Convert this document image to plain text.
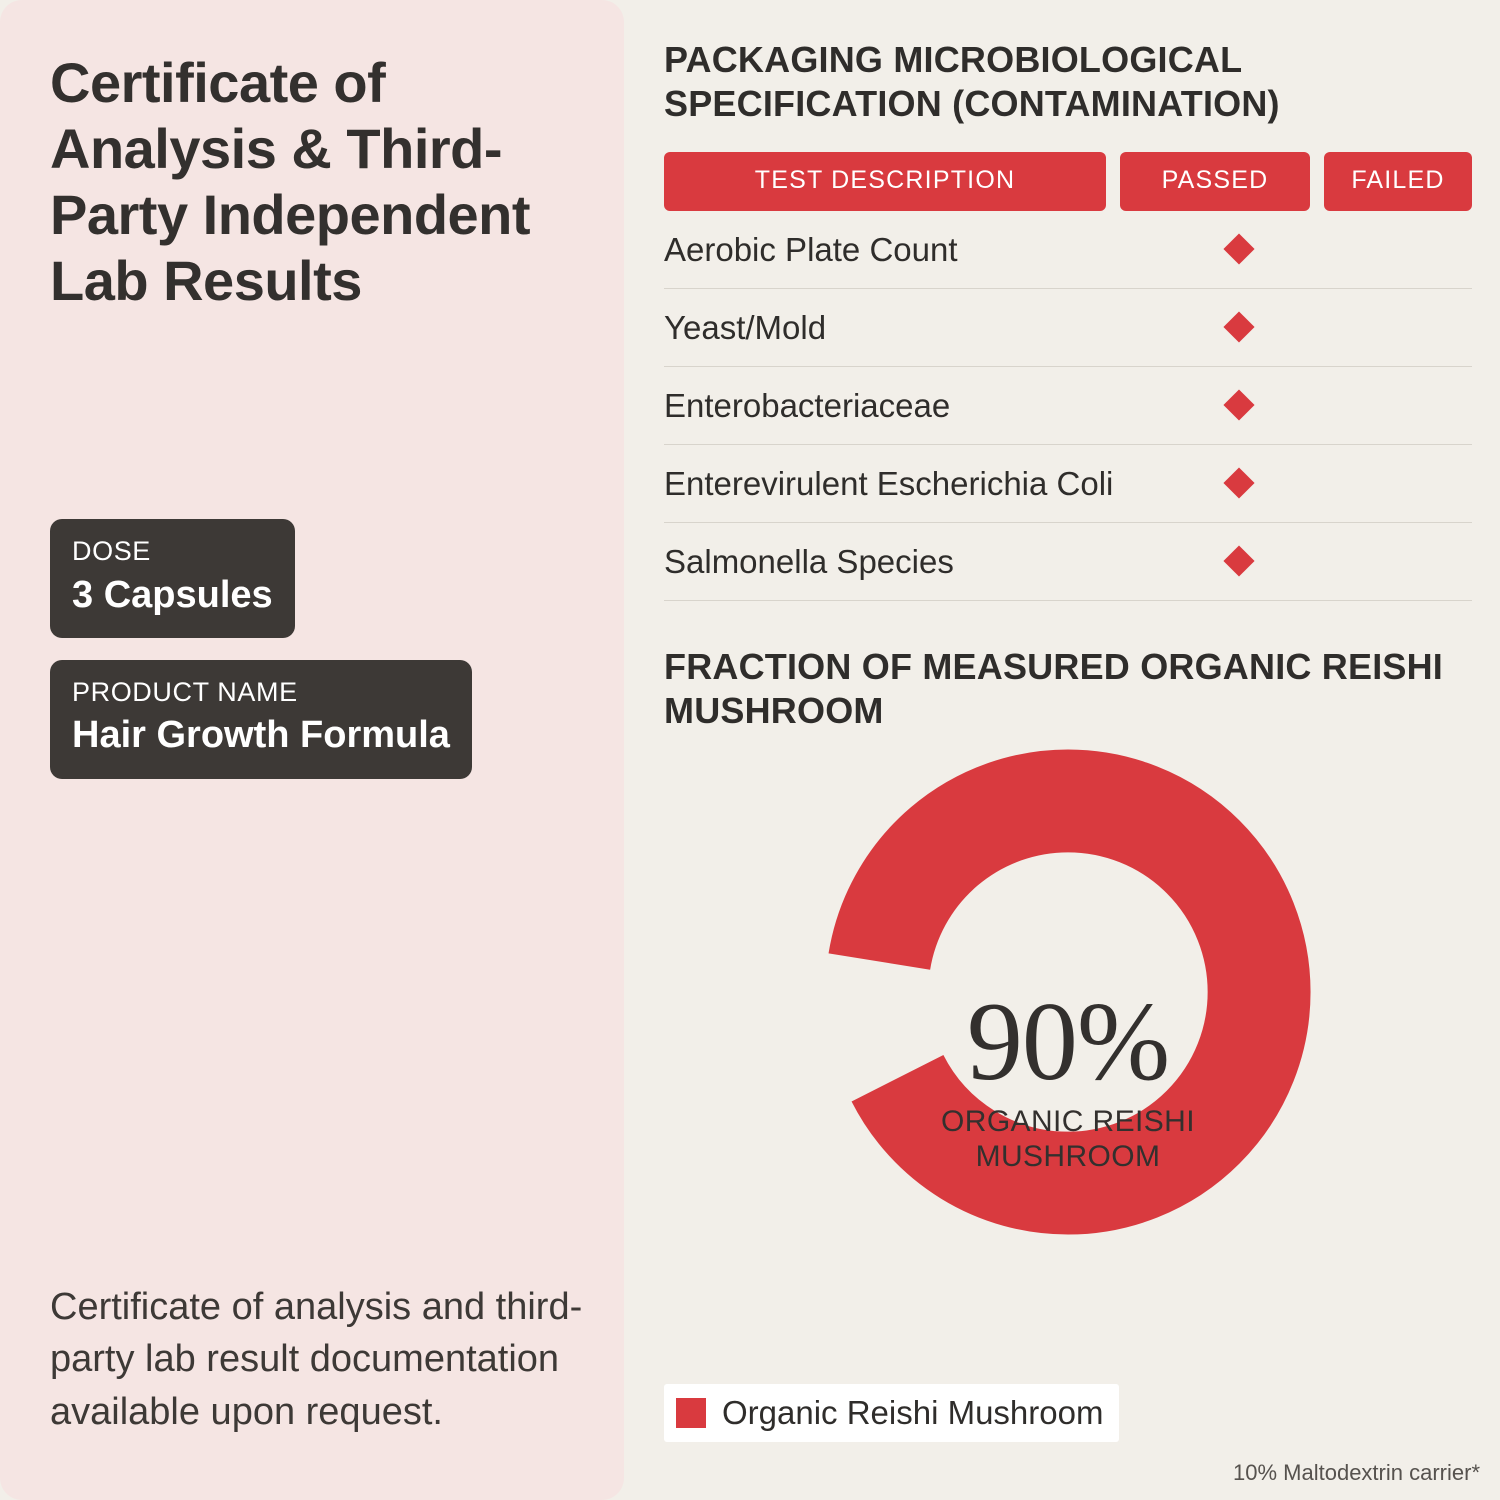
Certificate of Analysis & Third-Party Independent Lab Results
DOSE
3 Capsules

PRODUCT NAME
Hair Growth Formula
Certificate of analysis and third-party lab result documentation available upon request.
PACKAGING MICROBIOLOGICAL SPECIFICATION (CONTAMINATION)
TEST DESCRIPTION	PASSED	FAILED
Aerobic Plate Count
Yeast/Mold
Enterobacteriaceae
Enterevirulent Escherichia Coli
Salmonella Species
FRACTION OF MEASURED ORGANIC REISHI MUSHROOM
90%
ORGANIC REISHI MUSHROOM
Organic Reishi Mushroom
10% Maltodextrin carrier*
